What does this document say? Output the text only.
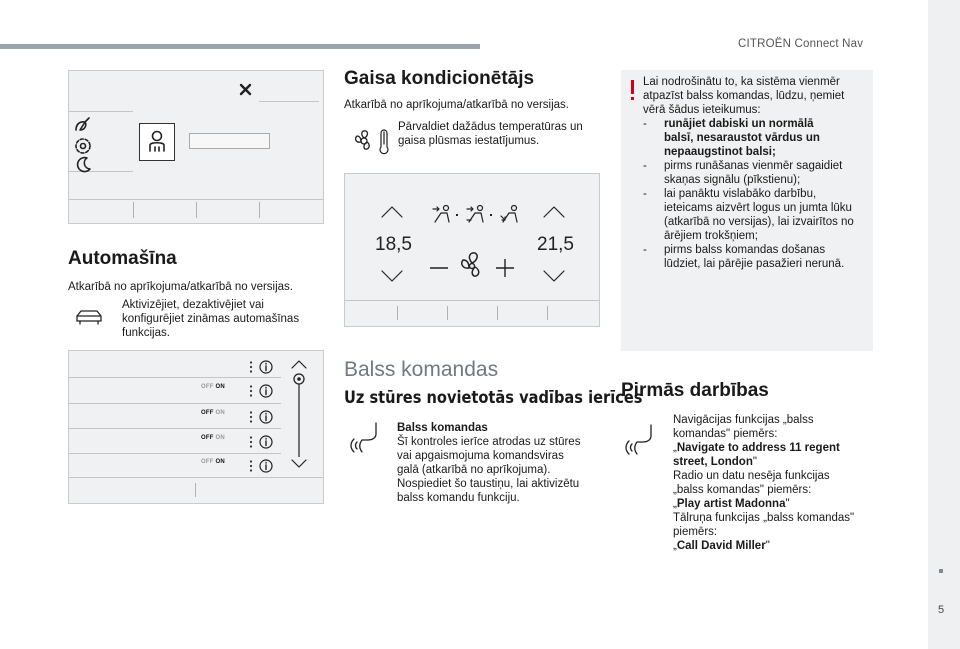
CITROËN Connect Nav
5
Automašīna
Atkarībā no aprīkojuma/atkarībā no versijas.
Aktivizējiet, dezaktivējiet vai
konfigurējiet zināmas automašīnas
funkcijas.
OFF ON
OFF ON
OFF ON
OFF ON
Gaisa kondicionētājs
Atkarībā no aprīkojuma/atkarībā no versijas.
Pārvaldiet dažādus temperatūras un
gaisa plūsmas iestatījumus.
18,5	21,5
Balss komandas
Uz stūres novietotās vadības ierīces
Balss komandas
Šī kontroles ierīce atrodas uz stūres
vai apgaismojuma komandsviras
galā (atkarībā no aprīkojuma).
Nospiediet šo taustiņu, lai aktivizētu
balss komandu funkciju.
Lai nodrošinātu to, ka sistēma vienmēr
atpazīst balss komandas, lūdzu, ņemiet
vērā šādus ieteikumus:
- runājiet dabiski un normālā
balsī, nesaraustot vārdus un
nepaaugstinot balsi;
- pirms runāšanas vienmēr sagaidiet
skaņas signālu (pīkstienu);
- lai panāktu vislabāko darbību,
ieteicams aizvērt logus un jumta lūku
(atkarībā no versijas), lai izvairītos no
ārējiem trokšņiem;
- pirms balss komandas došanas
lūdziet, lai pārējie pasažieri nerunā.
Pirmās darbības
Navigācijas funkcijas „balss
komandas" piemērs:
„Navigate to address 11 regent
street, London"
Radio un datu nesēja funkcijas
„balss komandas" piemērs:
„Play artist Madonna"
Tālruņa funkcijas „balss komandas"
piemērs:
„Call David Miller"
